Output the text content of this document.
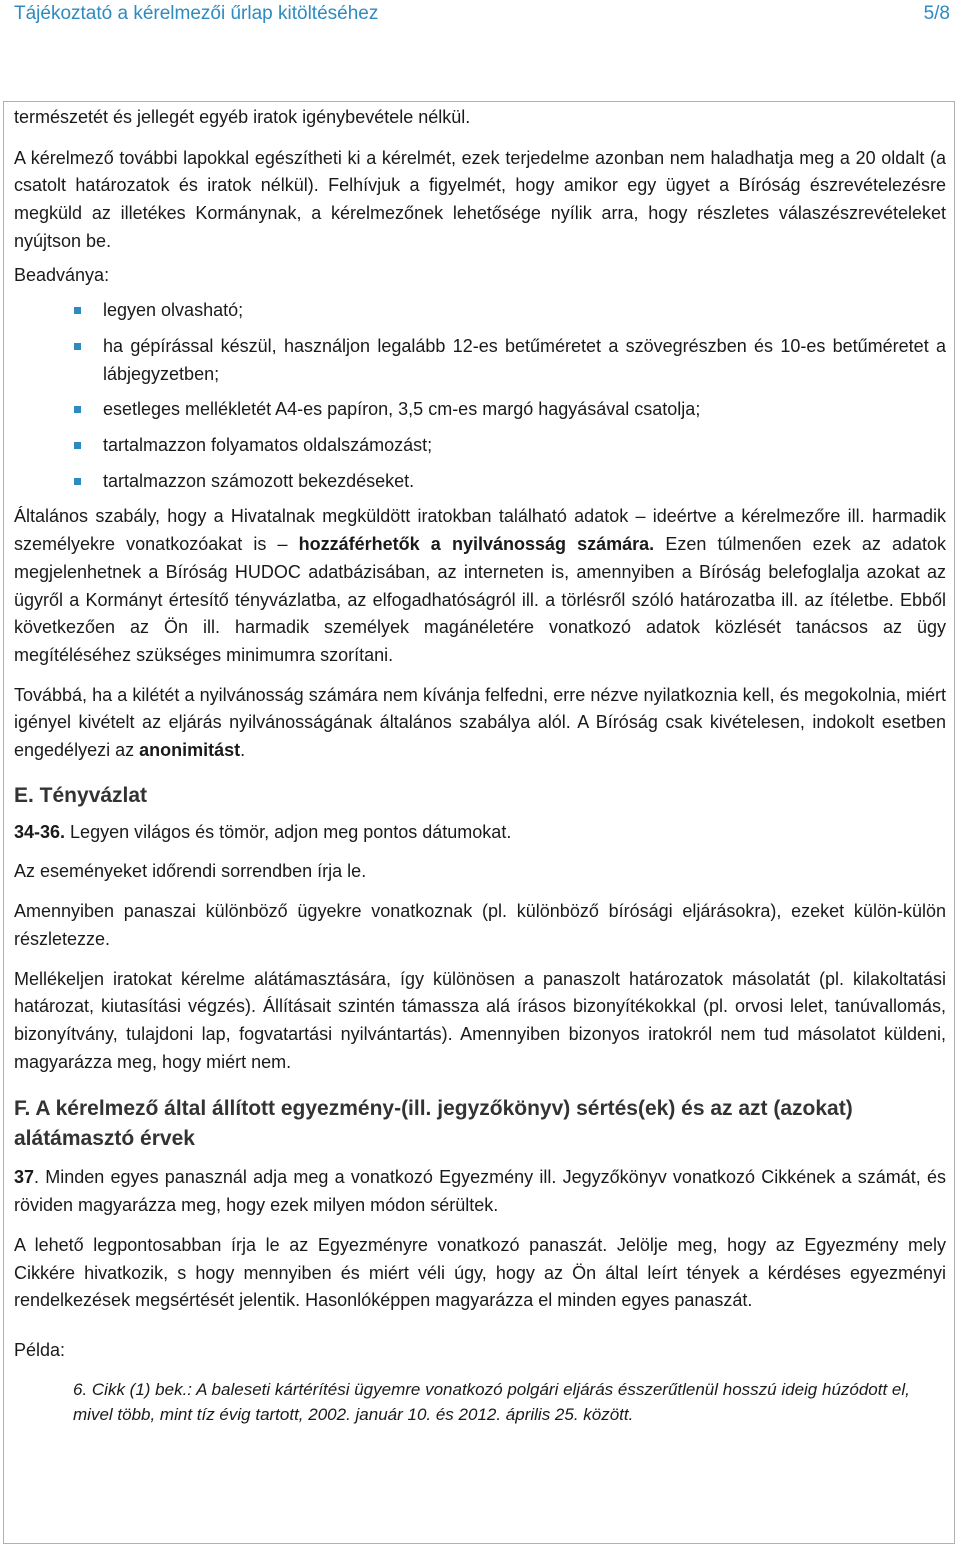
Tájékoztató a kérelmezői űrlap kitöltéséhez	5/8

természetét és jellegét egyéb iratok igénybevétele nélkül.

A kérelmező további lapokkal egészítheti ki a kérelmét, ezek terjedelme azonban nem haladhatja meg a 20 oldalt (a csatolt határozatok és iratok nélkül). Felhívjuk a figyelmét, hogy amikor egy ügyet a Bíróság észrevételezésre megküld az illetékes Kormánynak, a kérelmezőnek lehetősége nyílik arra, hogy részletes válaszészrevételeket nyújtson be.

Beadványa:

legyen olvasható;
ha gépírással készül, használjon legalább 12-es betűméretet a szövegrészben és 10-es betűméretet a lábjegyzetben;
esetleges mellékletét A4-es papíron, 3,5 cm-es margó hagyásával csatolja;
tartalmazzon folyamatos oldalszámozást;
tartalmazzon számozott bekezdéseket.

Általános szabály, hogy a Hivatalnak megküldött iratokban található adatok – ideértve a kérelmezőre ill. harmadik személyekre vonatkozóakat is – hozzáférhetők a nyilvánosság számára. Ezen túlmenően ezek az adatok megjelenhetnek a Bíróság HUDOC adatbázisában, az interneten is, amennyiben a Bíróság belefoglalja azokat az ügyről a Kormányt értesítő tényvázlatba, az elfogadhatóságról ill. a törlésről szóló határozatba ill. az ítéletbe. Ebből következően az Ön ill. harmadik személyek magánéletére vonatkozó adatok közlését tanácsos az ügy megítéléséhez szükséges minimumra szorítani.

Továbbá, ha a kilétét a nyilvánosság számára nem kívánja felfedni, erre nézve nyilatkoznia kell, és megokolnia, miért igényel kivételt az eljárás nyilvánosságának általános szabálya alól. A Bíróság csak kivételesen, indokolt esetben engedélyezi az anonimitást.

E. Tényvázlat

34-36. Legyen világos és tömör, adjon meg pontos dátumokat.

Az eseményeket időrendi sorrendben írja le.

Amennyiben panaszai különböző ügyekre vonatkoznak (pl. különböző bírósági eljárásokra), ezeket külön-külön részletezze.

Mellékeljen iratokat kérelme alátámasztására, így különösen a panaszolt határozatok másolatát (pl. kilakoltatási határozat, kiutasítási végzés). Állításait szintén támassza alá írásos bizonyítékokkal (pl. orvosi lelet, tanúvallomás, bizonyítvány, tulajdoni lap, fogvatartási nyilvántartás). Amennyiben bizonyos iratokról nem tud másolatot küldeni, magyarázza meg, hogy miért nem.

F. A kérelmező által állított egyezmény-(ill. jegyzőkönyv) sértés(ek) és az azt (azokat) alátámasztó érvek

37. Minden egyes panasznál adja meg a vonatkozó Egyezmény ill. Jegyzőkönyv vonatkozó Cikkének a számát, és röviden magyarázza meg, hogy ezek milyen módon sérültek.

A lehető legpontosabban írja le az Egyezményre vonatkozó panaszát. Jelölje meg, hogy az Egyezmény mely Cikkére hivatkozik, s hogy mennyiben és miért véli úgy, hogy az Ön által leírt tények a kérdéses egyezményi rendelkezések megsértését jelentik. Hasonlóképpen magyarázza el minden egyes panaszát.

Példa:

6. Cikk (1) bek.: A baleseti kártérítési ügyemre vonatkozó polgári eljárás ésszerűtlenül hosszú ideig húzódott el, mivel több, mint tíz évig tartott, 2002. január 10. és 2012. április 25. között.
